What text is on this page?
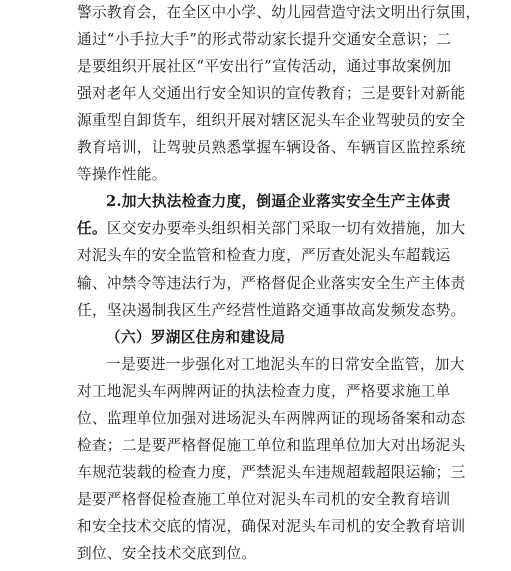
警示教育会，在全区中小学、幼儿园营造守法文明出行氛围，
通过“小手拉大手”的形式带动家长提升交通安全意识；二
是要组织开展社区“平安出行”宣传活动，通过事故案例加
强对老年人交通出行安全知识的宣传教育；三是要针对新能
源重型自卸货车，组织开展对辖区泥头车企业驾驶员的安全
教育培训，让驾驶员熟悉掌握车辆设备、车辆盲区监控系统
等操作性能。
2.加大执法检查力度，倒逼企业落实安全生产主体责
任。区交安办要牵头组织相关部门采取一切有效措施，加大
对泥头车的安全监管和检查力度，严厉查处泥头车超载运
输、冲禁令等违法行为，严格督促企业落实安全生产主体责
任，坚决遏制我区生产经营性道路交通事故高发频发态势。
（六）罗湖区住房和建设局
一是要进一步强化对工地泥头车的日常安全监管，加大
对工地泥头车两牌两证的执法检查力度，严格要求施工单
位、监理单位加强对进场泥头车两牌两证的现场备案和动态
检查；二是要严格督促施工单位和监理单位加大对出场泥头
车规范装载的检查力度，严禁泥头车违规超载超限运输；三
是要严格督促检查施工单位对泥头车司机的安全教育培训
和安全技术交底的情况，确保对泥头车司机的安全教育培训
到位、安全技术交底到位。
